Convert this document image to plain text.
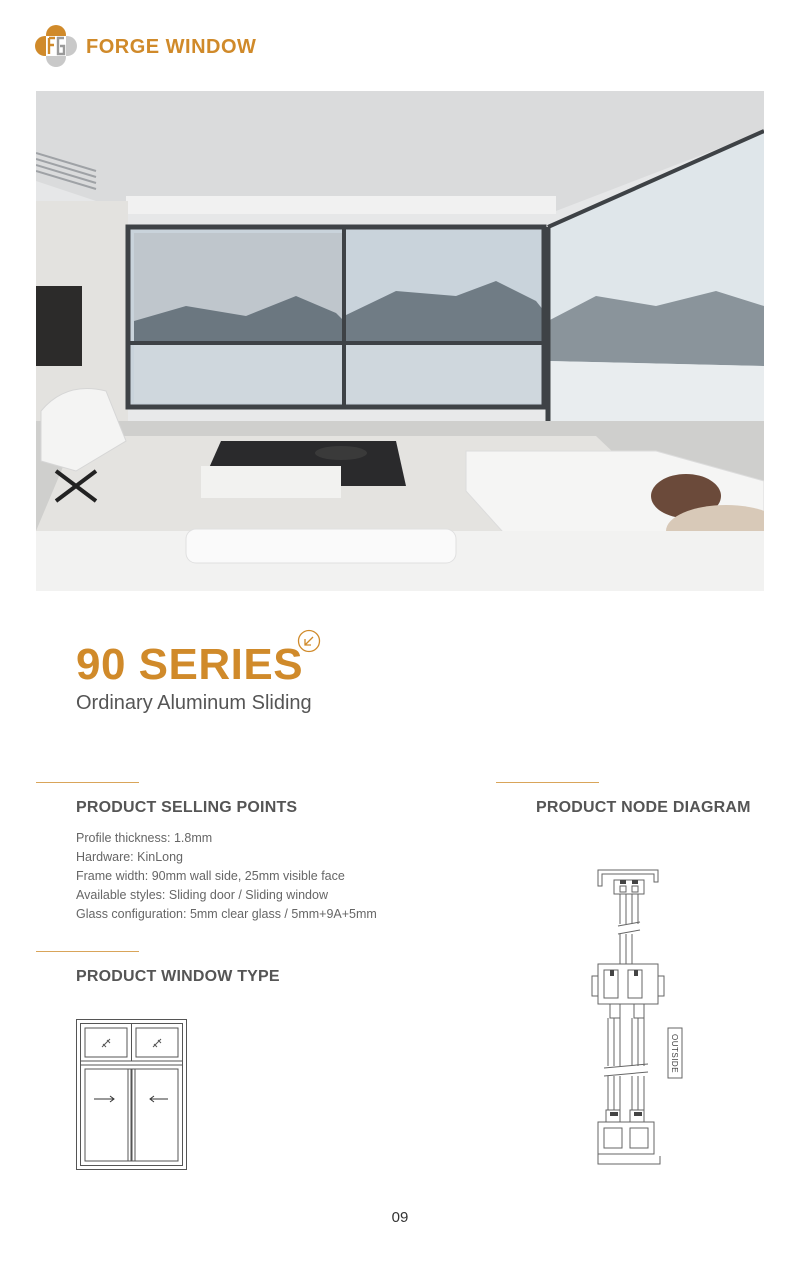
FORGE WINDOW
90 SERIES
Ordinary Aluminum Sliding
PRODUCT SELLING POINTS
Profile thickness: 1.8mm
Hardware: KinLong
Frame width: 90mm wall side, 25mm visible face
Available styles: Sliding door / Sliding window
Glass configuration: 5mm clear glass / 5mm+9A+5mm
PRODUCT NODE DIAGRAM
PRODUCT WINDOW TYPE
OUTSIDE
09
